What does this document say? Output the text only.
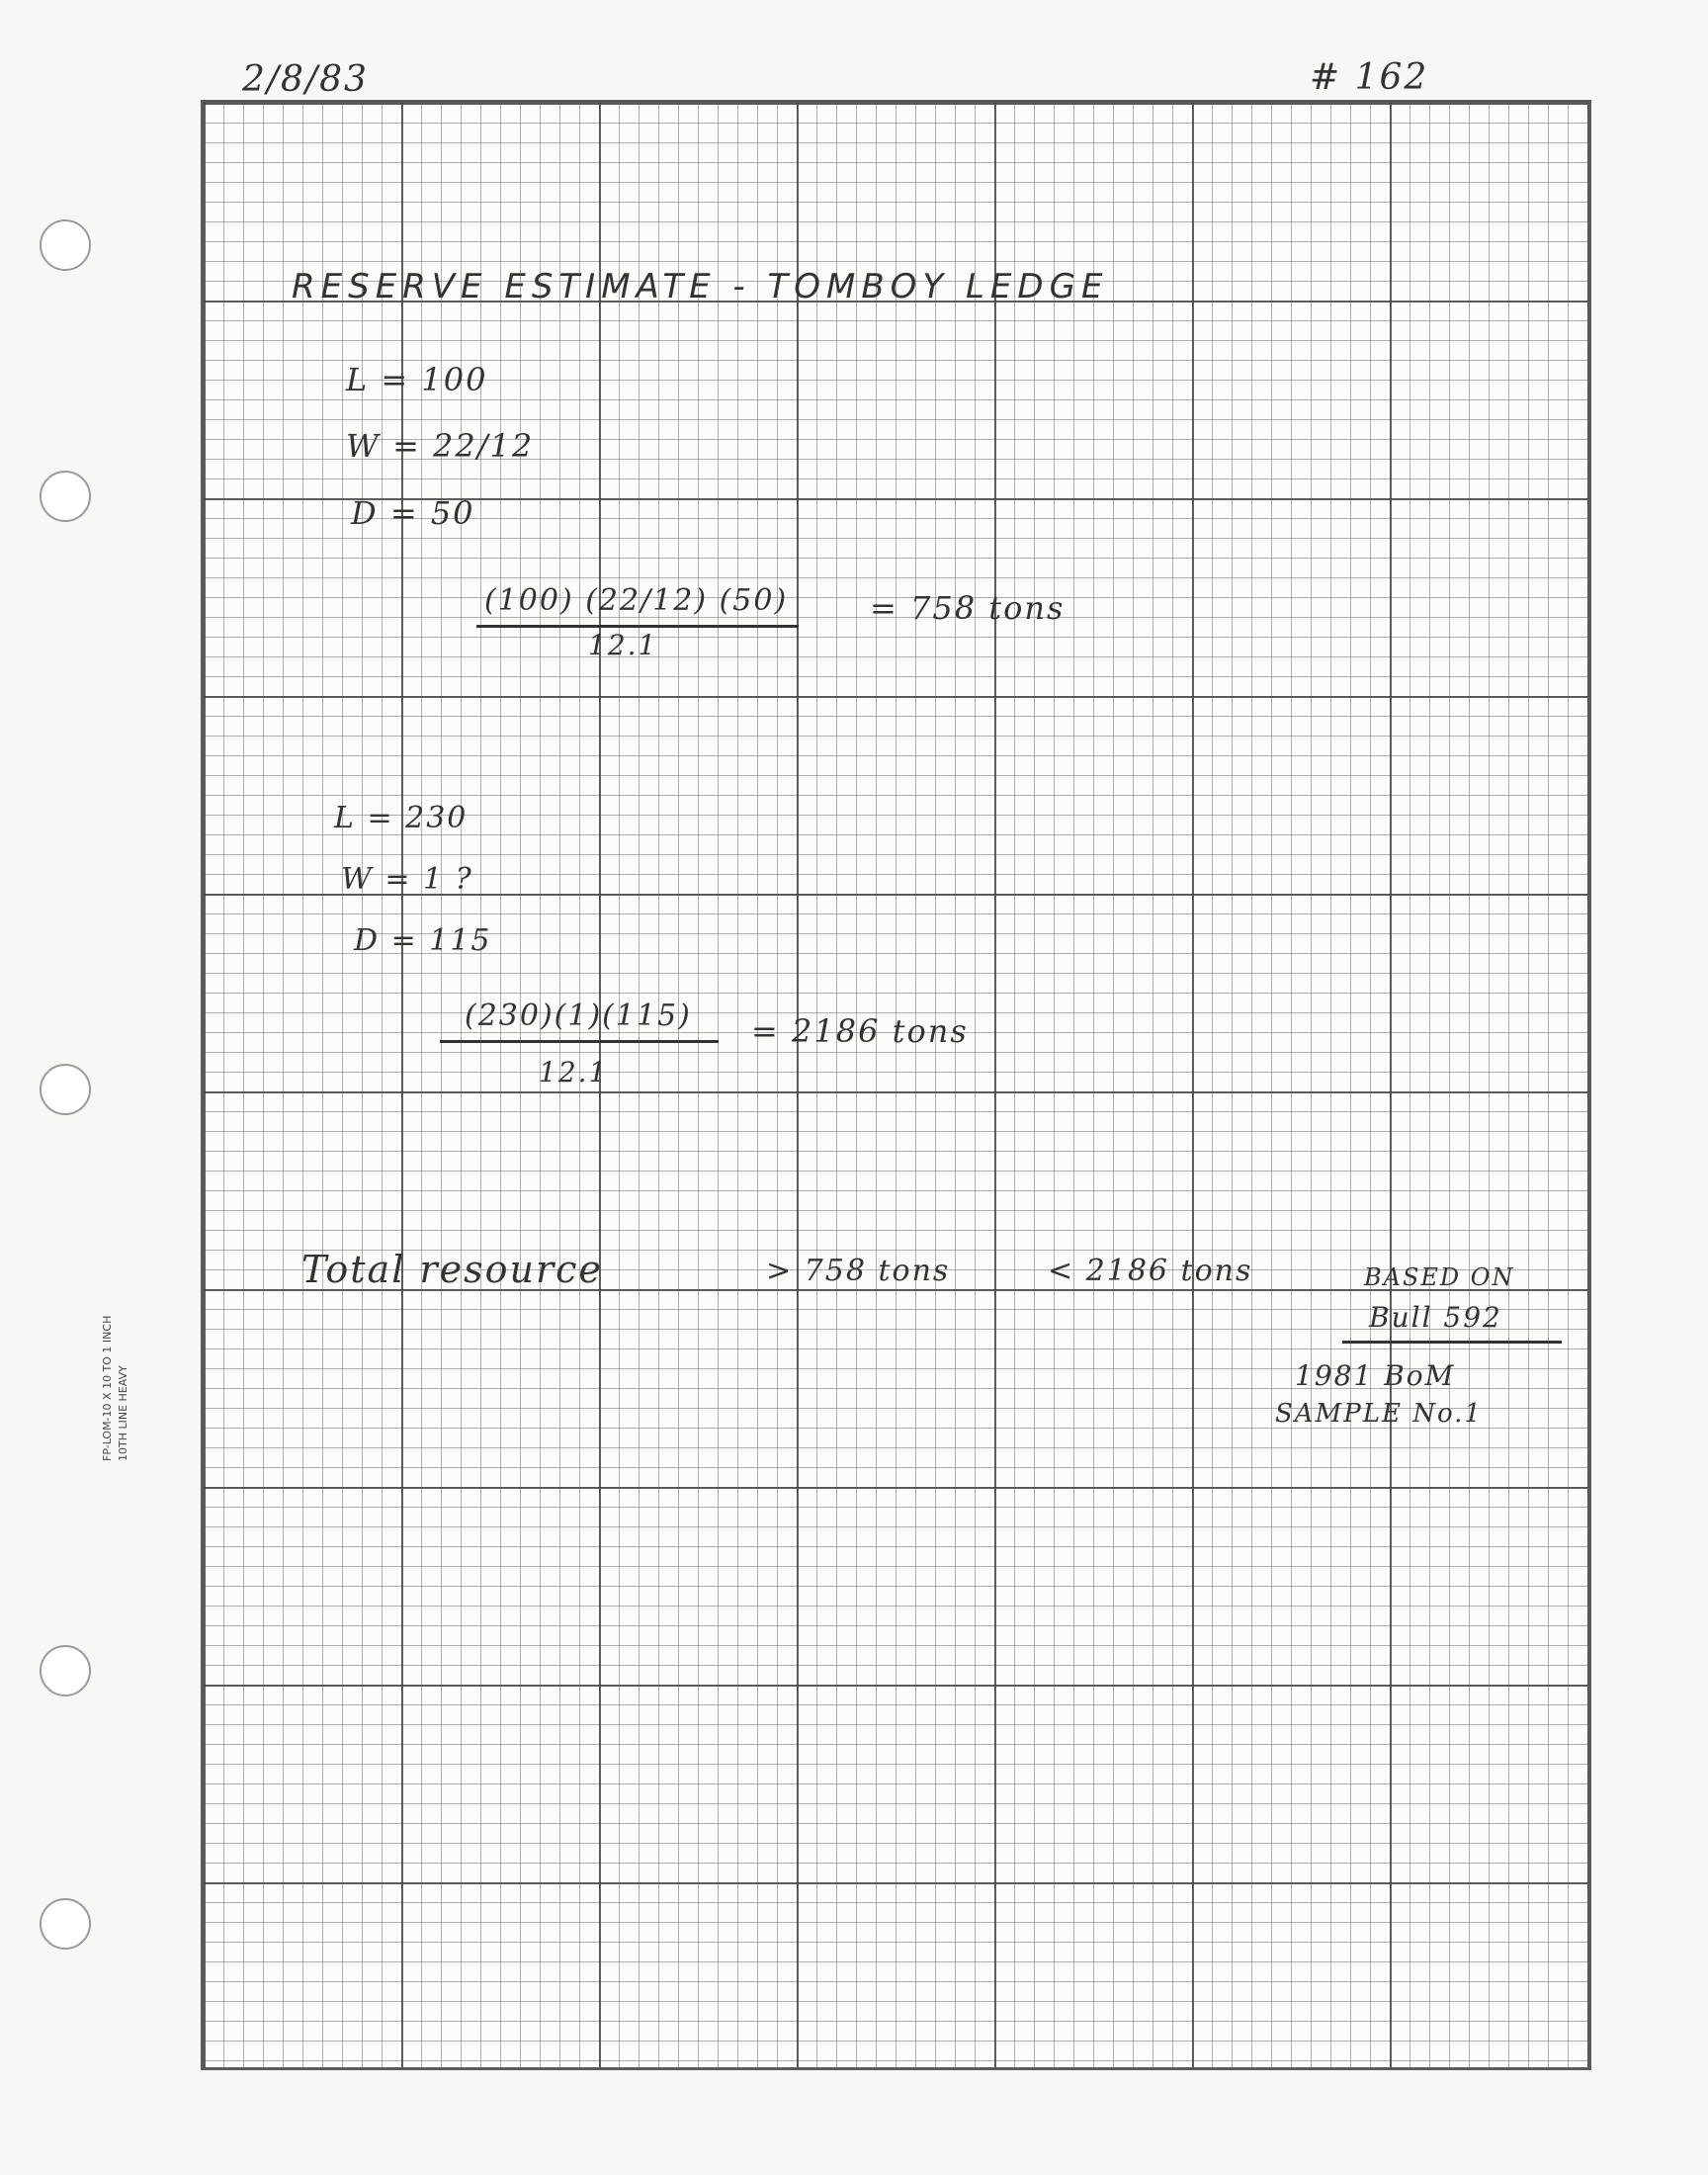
2/8/83	# 162
RESERVE ESTIMATE - TOMBOY LEDGE
L = 100
W = 22/12
D = 50
(100) (22/12) (50)
12.1
= 758 tons
L = 230
W = 1 ?
D = 115
(230)(1)(115)
12.1
= 2186 tons
Total resource	> 758 tons	< 2186 tons	BASED ON
Bull 592
1981 BoM
SAMPLE No.1
FP-LOM-10 X 10 TO 1 INCH 10TH LINE HEAVY
